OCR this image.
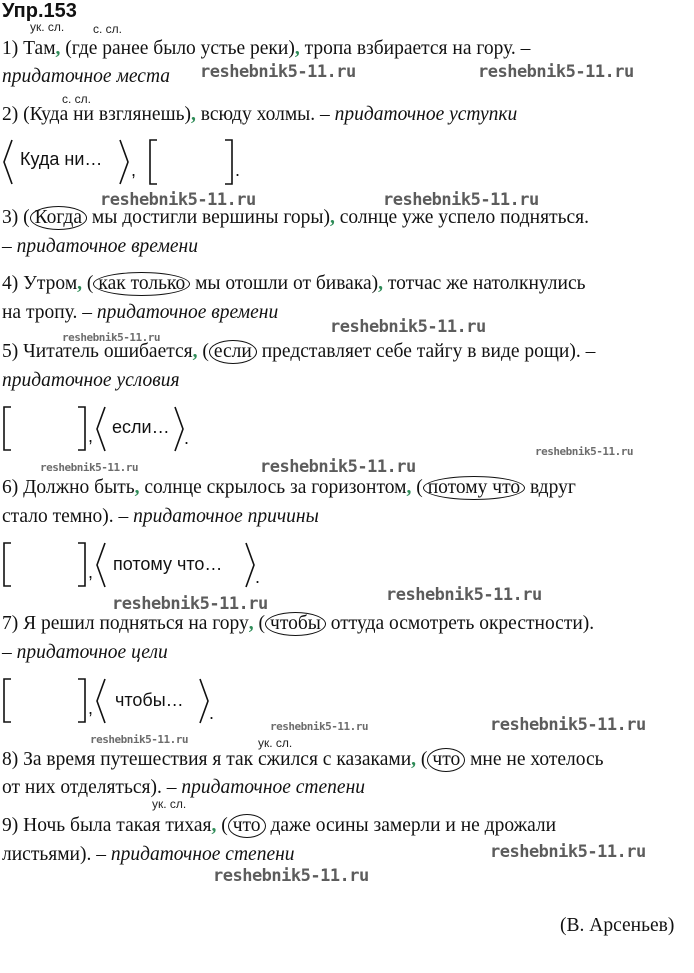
Упр.153
reshebnik5-11.ru	reshebnik5-11.ru
reshebnik5-11.ru	reshebnik5-11.ru
reshebnik5-11.ru
reshebnik5-11.ru
reshebnik5-11.ru
reshebnik5-11.ru	reshebnik5-11.ru
reshebnik5-11.ru	reshebnik5-11.ru
reshebnik5-11.ru	reshebnik5-11.ru
reshebnik5-11.ru
reshebnik5-11.ru
reshebnik5-11.ru
ук. сл. с. сл.
с. сл.
ук. сл.
ук. сл.
1) Там, (где ранее было устье реки), тропа взбирается на гору. –
придаточное места
2) (Куда ни взглянешь), всюду холмы. – придаточное уступки
Куда ни…
,	.
3) ( Когда мы достигли вершины горы), солнце уже успело подняться.
– придаточное времени
4) Утром, ( как только мы отошли от бивака), тотчас же натолкнулись
на тропу. – придаточное времени
5) Читатель ошибается, ( если представляет себе тайгу в виде рощи). –
придаточное условия
, если…
.
6) Должно быть, солнце скрылось за горизонтом, ( потому что вдруг
стало темно). – придаточное причины
, потому что…
.
7) Я решил подняться на гору, ( чтобы оттуда осмотреть окрестности).
– придаточное цели
, чтобы…
.
8) За время путешествия я так сжился с казаками, ( что мне не хотелось
от них отделяться). – придаточное степени
9) Ночь была такая тихая, ( что даже осины замерли и не дрожали
листьями). – придаточное степени
(В. Арсеньев)
